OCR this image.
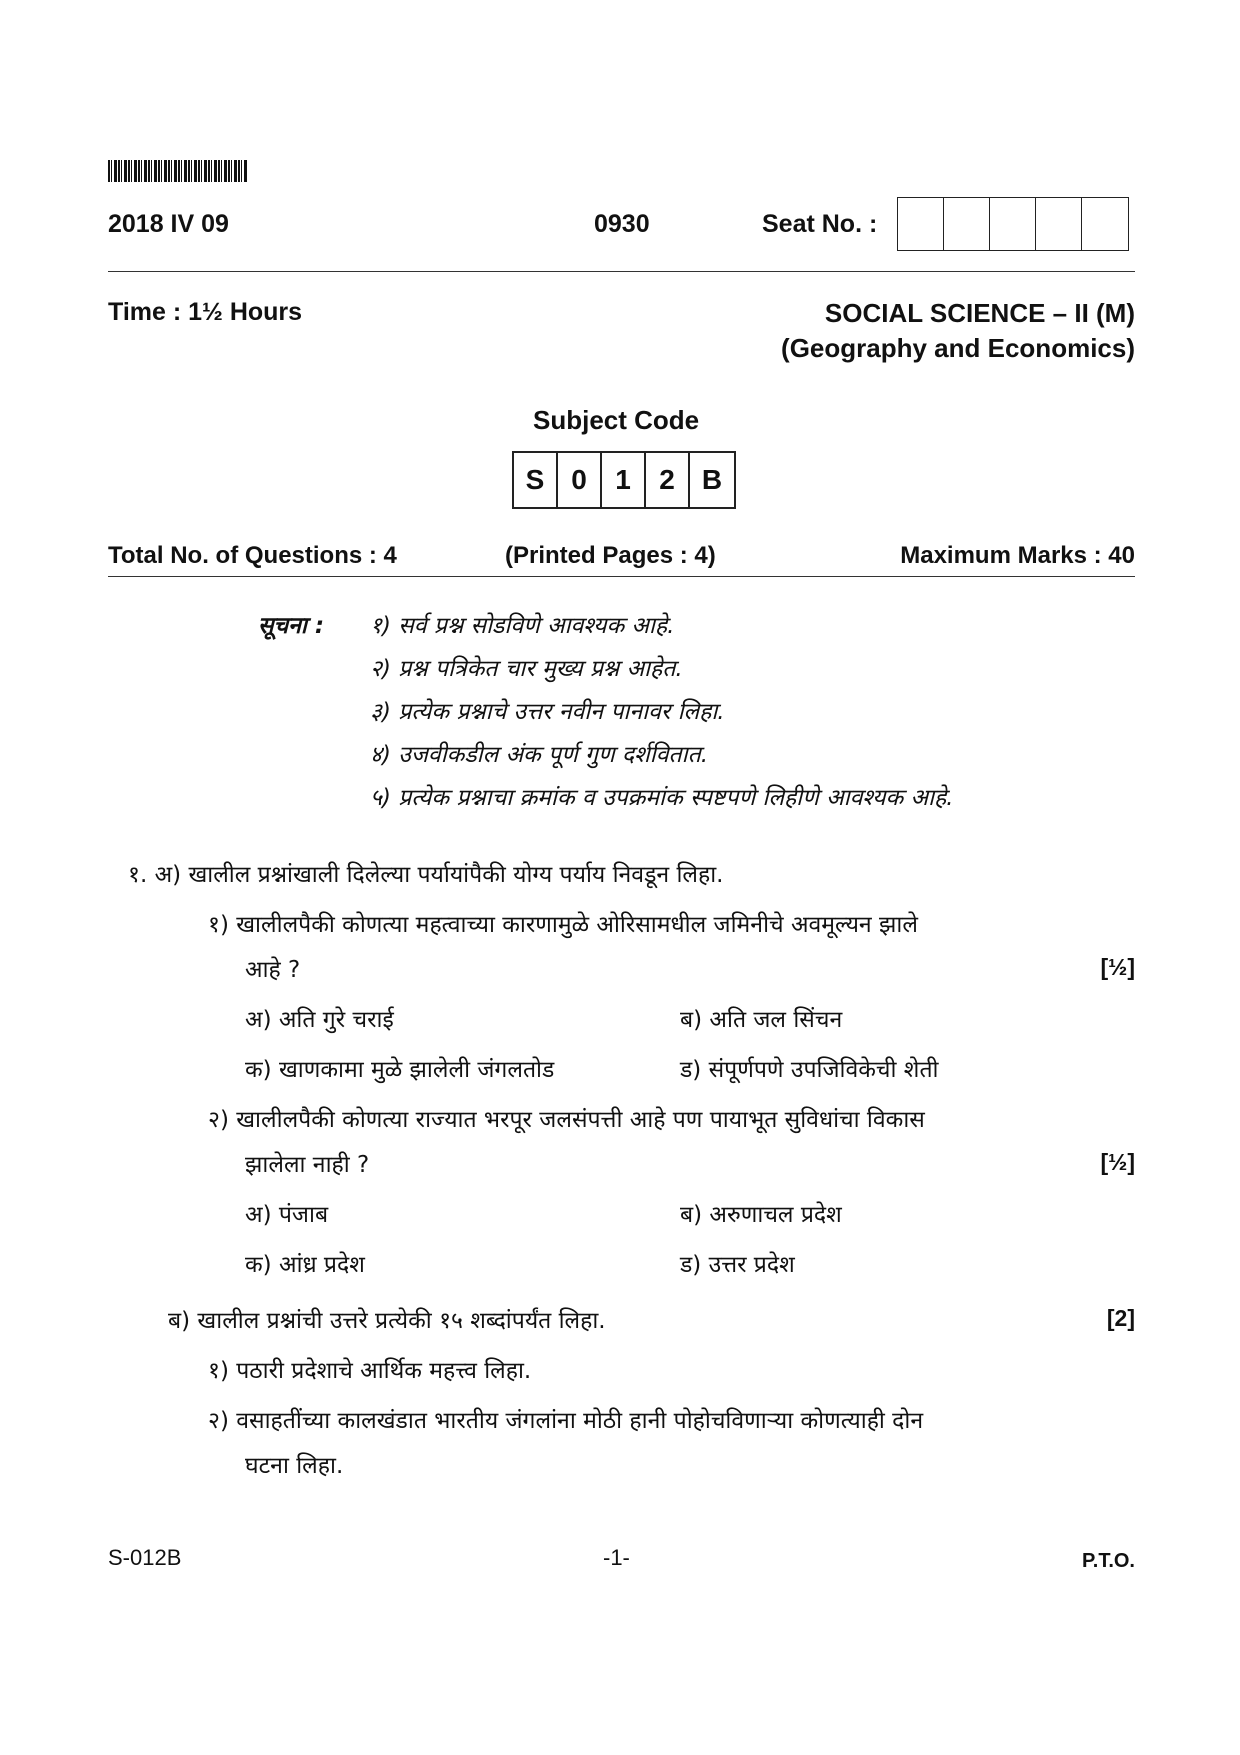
2018 IV 09	0930	Seat No. :
Time : 1½ Hours	SOCIAL SCIENCE – II (M)
(Geography and Economics)
Subject Code
S 0	1	2 B
Total No. of Questions : 4	(Printed Pages : 4)	Maximum Marks : 40
सूचना : १) सर्व प्रश्न सोडविणे आवश्यक आहे.
२) प्रश्न पत्रिकेत चार मुख्य प्रश्न आहेत.
३) प्रत्येक प्रश्नाचे उत्तर नवीन पानावर लिहा.
४) उजवीकडील अंक पूर्ण गुण दर्शवितात.
५) प्रत्येक प्रश्नाचा क्रमांक व उपक्रमांक स्पष्टपणे लिहीणे आवश्यक आहे.
१. अ) खालील प्रश्नांखाली दिलेल्या पर्यायांपैकी योग्य पर्याय निवडून लिहा.
१) खालीलपैकी कोणत्या महत्वाच्या कारणामुळे ओरिसामधील जमिनीचे अवमूल्यन झाले
आहे ?	[½]
अ) अति गुरे चराई	ब) अति जल सिंचन
क) खाणकामा मुळे झालेली जंगलतोड	ड) संपूर्णपणे उपजिविकेची शेती
२) खालीलपैकी कोणत्या राज्यात भरपूर जलसंपत्ती आहे पण पायाभूत सुविधांचा विकास
झालेला नाही ?	[½]
अ) पंजाब	ब) अरुणाचल प्रदेश
क) आंध्र प्रदेश	ड) उत्तर प्रदेश
ब) खालील प्रश्नांची उत्तरे प्रत्येकी १५ शब्दांपर्यंत लिहा.	[2]
१) पठारी प्रदेशाचे आर्थिक महत्त्व लिहा.
२) वसाहतींच्या कालखंडात भारतीय जंगलांना मोठी हानी पोहोचविणाऱ्या कोणत्याही दोन
घटना लिहा.
S-012B	-1-	P.T.O.
